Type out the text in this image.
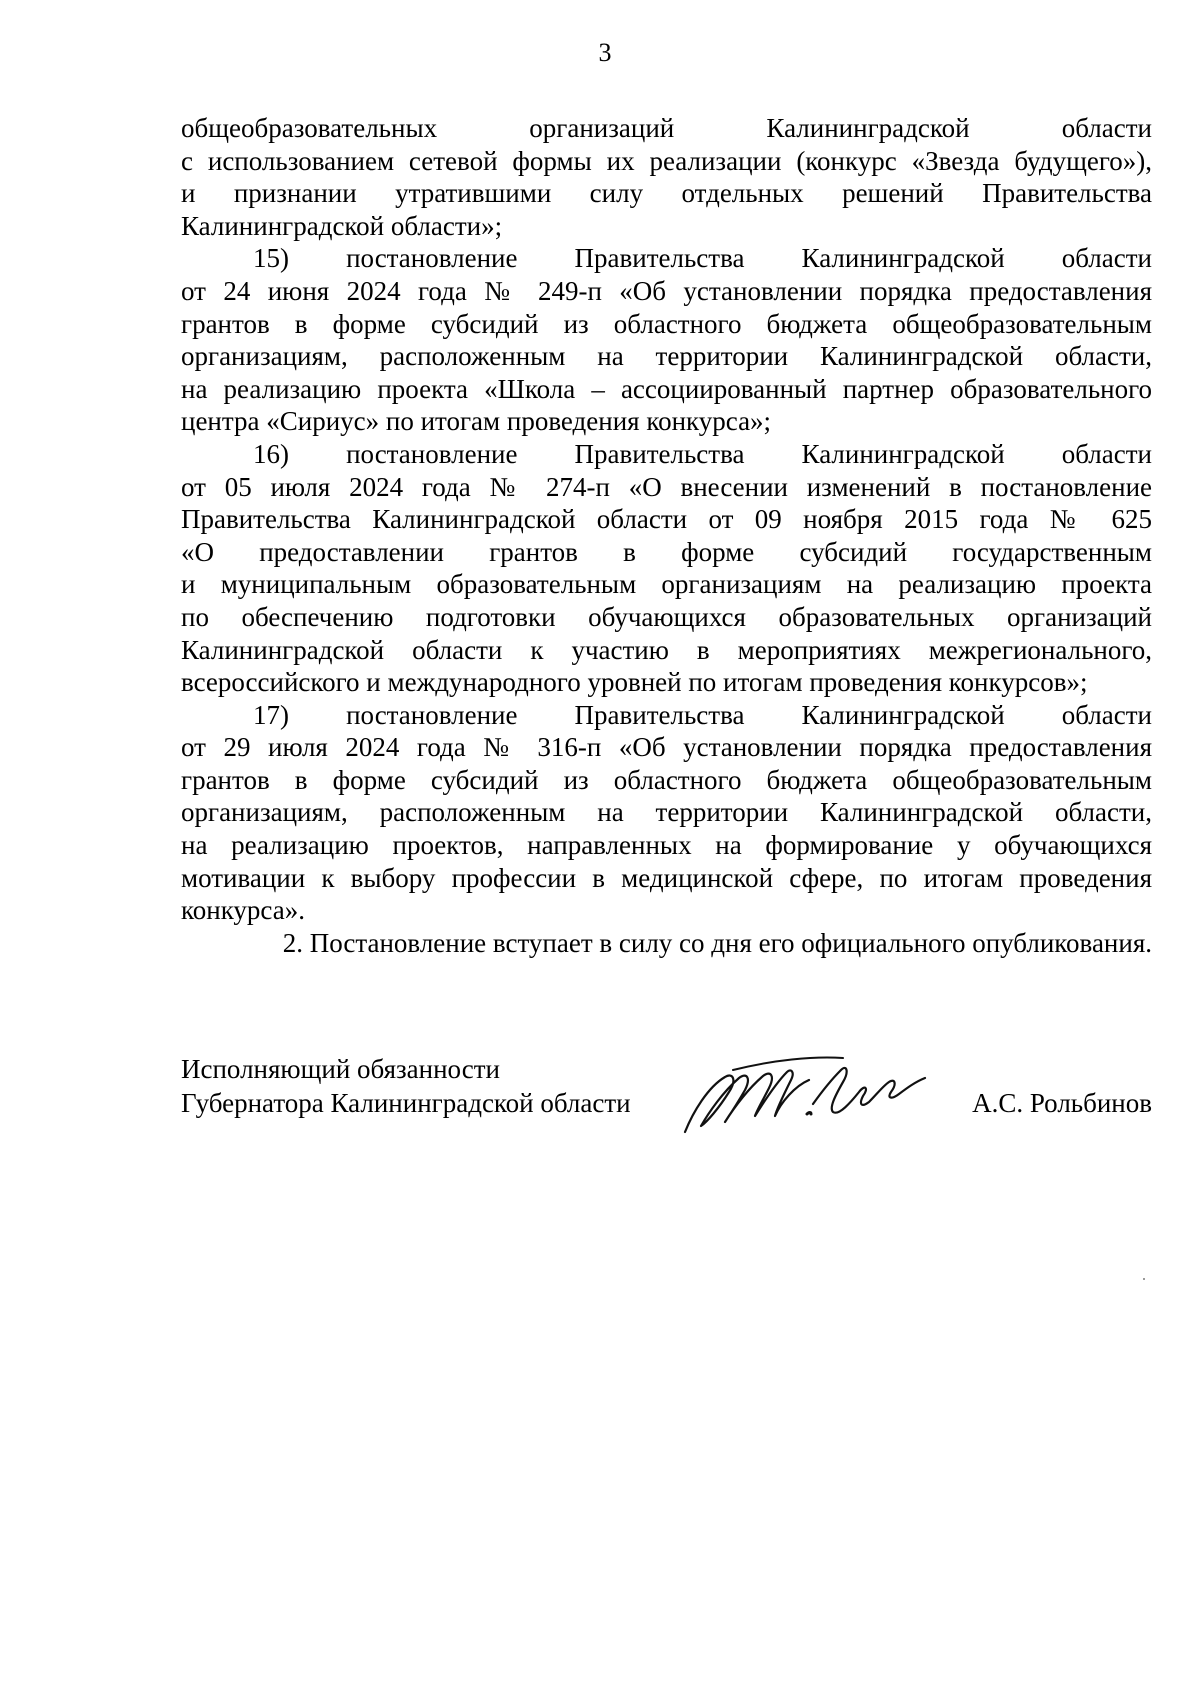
3
общеобразовательных организаций Калининградской области
с использованием сетевой формы их реализации (конкурс «Звезда будущего»),
и признании утратившими силу отдельных решений Правительства
Калининградской области»;
15) постановление Правительства Калининградской области
от 24 июня 2024 года № 249-п «Об установлении порядка предоставления
грантов в форме субсидий из областного бюджета общеобразовательным
организациям, расположенным на территории Калининградской области,
на реализацию проекта «Школа – ассоциированный партнер образовательного
центра «Сириус» по итогам проведения конкурса»;
16) постановление Правительства Калининградской области
от 05 июля 2024 года № 274-п «О внесении изменений в постановление
Правительства Калининградской области от 09 ноября 2015 года № 625
«О предоставлении грантов в форме субсидий государственным
и муниципальным образовательным организациям на реализацию проекта
по обеспечению подготовки обучающихся образовательных организаций
Калининградской области к участию в мероприятиях межрегионального,
всероссийского и международного уровней по итогам проведения конкурсов»;
17) постановление Правительства Калининградской области
от 29 июля 2024 года № 316-п «Об установлении порядка предоставления
грантов в форме субсидий из областного бюджета общеобразовательным
организациям, расположенным на территории Калининградской области,
на реализацию проектов, направленных на формирование у обучающихся
мотивации к выбору профессии в медицинской сфере, по итогам проведения
конкурса».
2. Постановление вступает в силу со дня его официального опубликования.
Исполняющий обязанности
Губернатора Калининградской области	А.С. Рольбинов
